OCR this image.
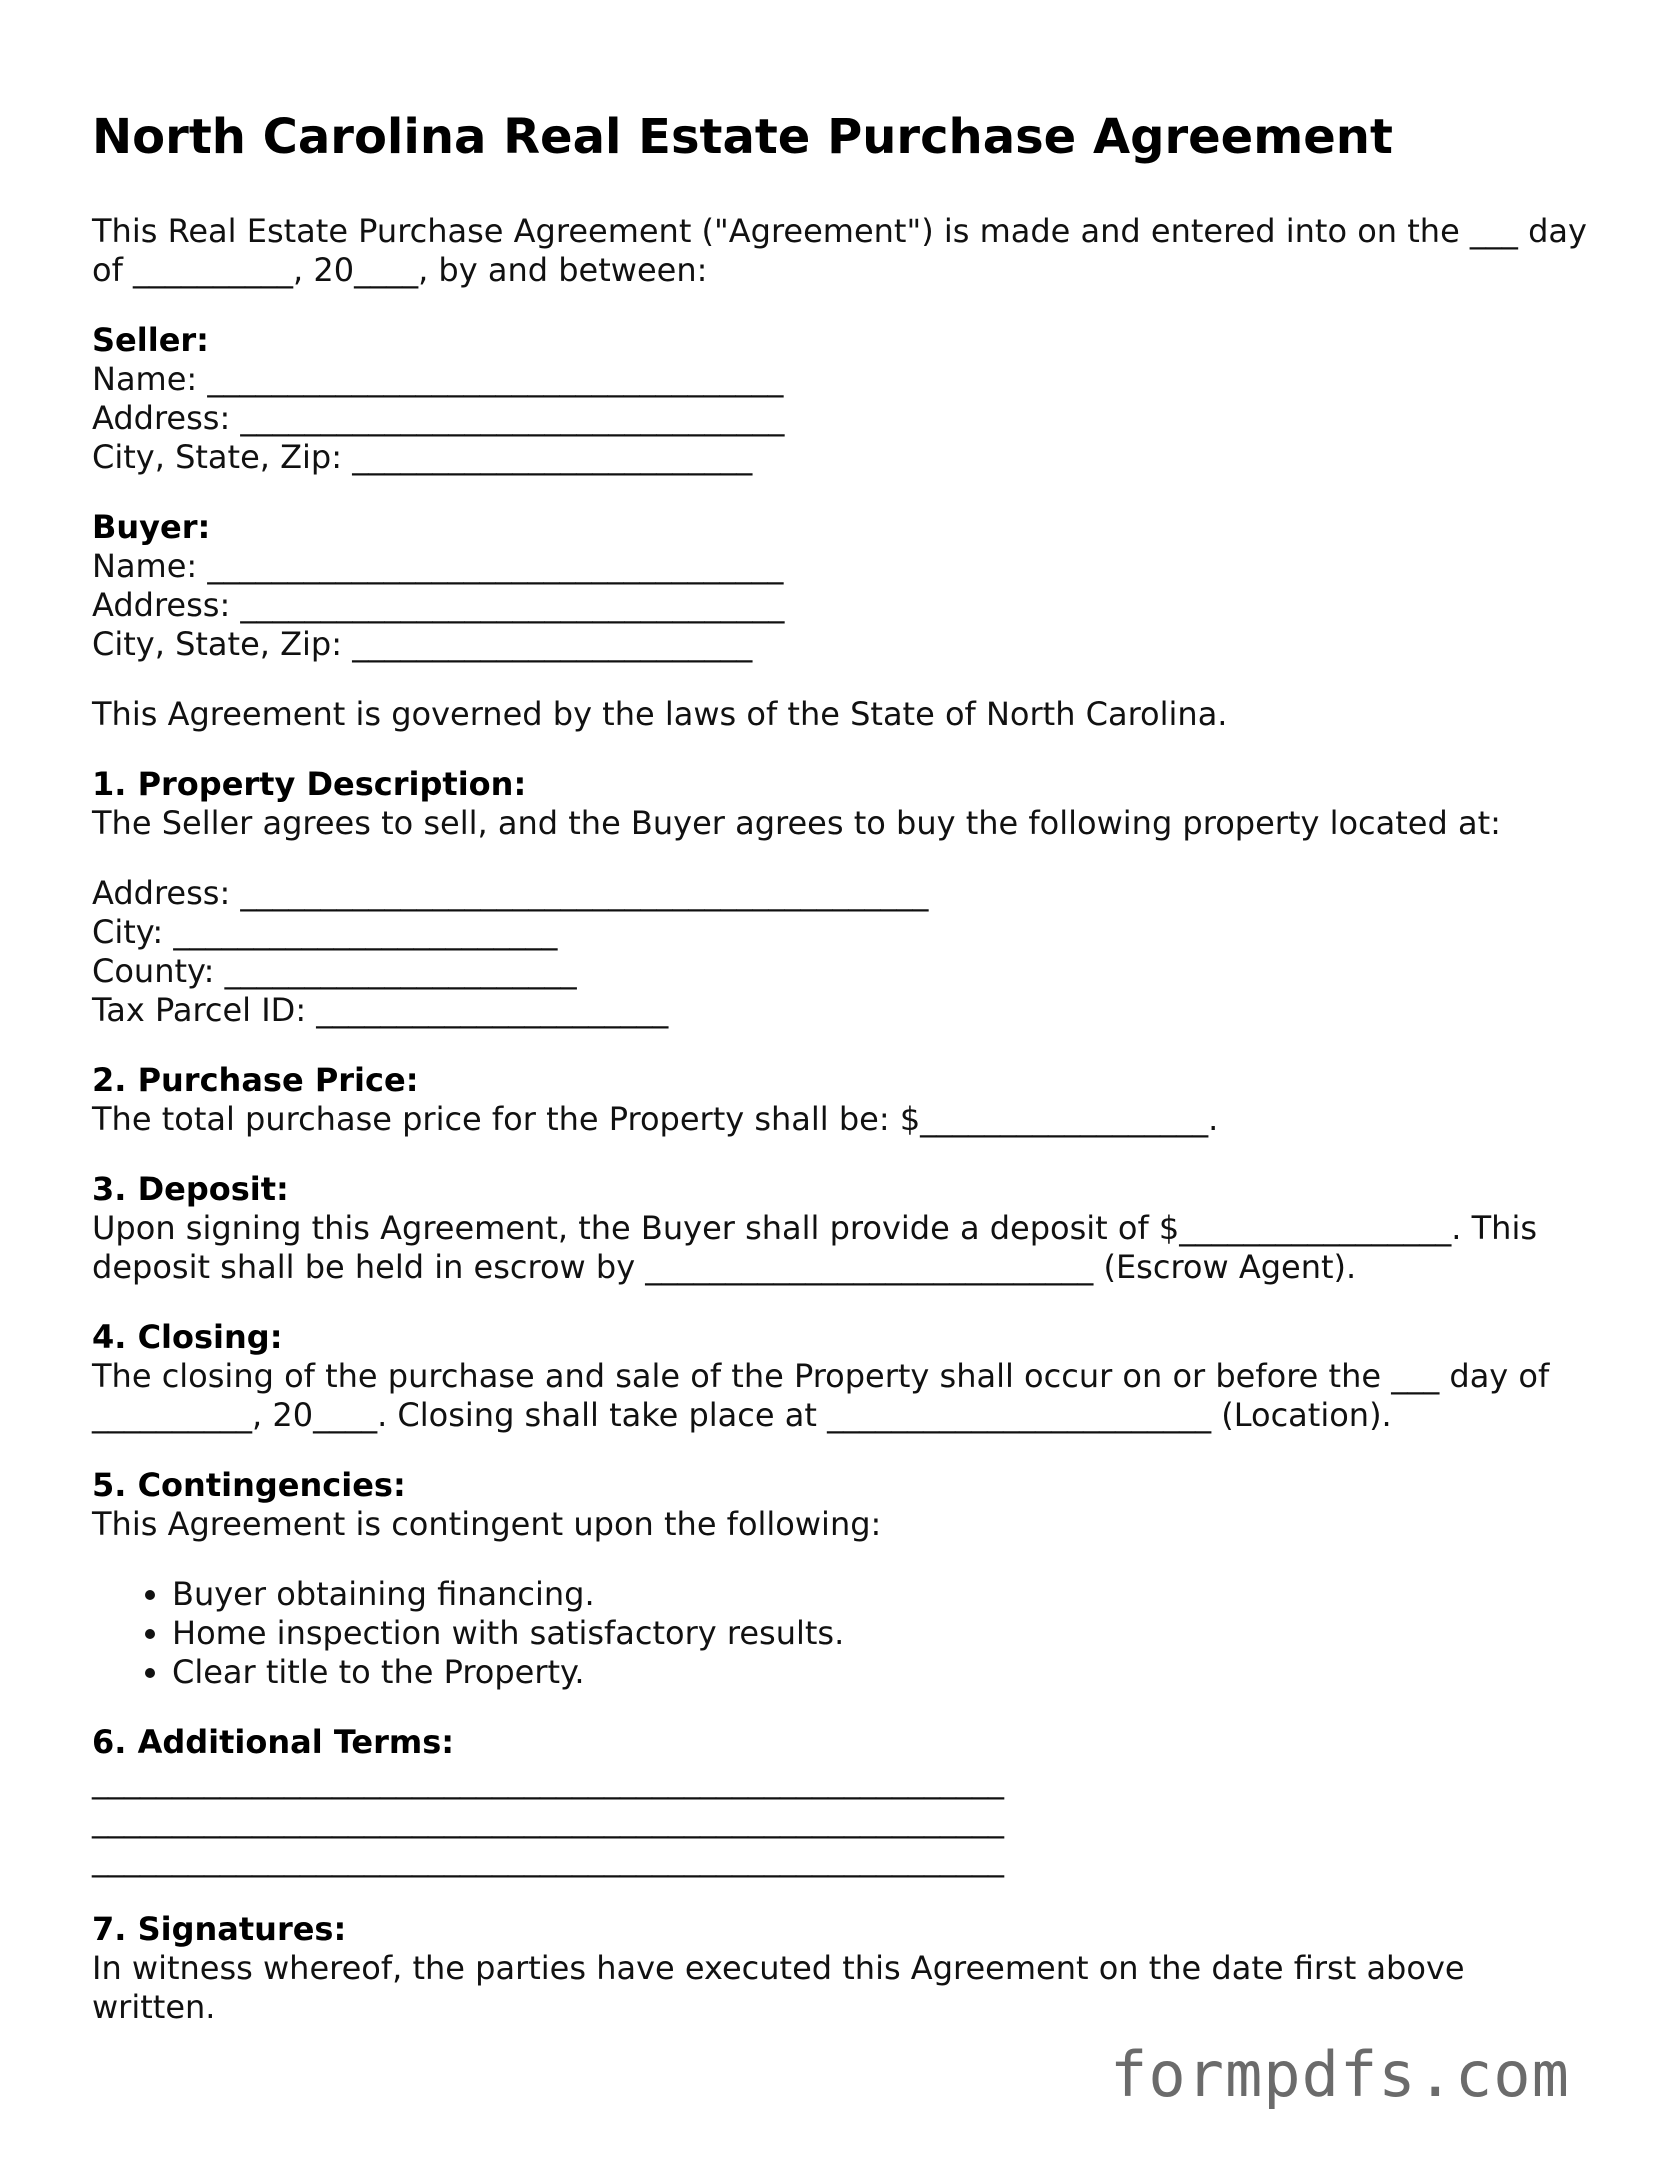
North Carolina Real Estate Purchase Agreement

This Real Estate Purchase Agreement ("Agreement") is made and entered into on the ___ day of __________, 20____, by and between:

Seller:
Name: ____________________________________
Address: __________________________________
City, State, Zip: _________________________
Buyer:
Name: ____________________________________
Address: __________________________________
City, State, Zip: _________________________

This Agreement is governed by the laws of the State of North Carolina.

1. Property Description:

The Seller agrees to sell, and the Buyer agrees to buy the following property located at:

Address: ___________________________________________
City: ________________________
County: ______________________
Tax Parcel ID: ______________________
2. Purchase Price:

The total purchase price for the Property shall be: $__________________.

3. Deposit:

Upon signing this Agreement, the Buyer shall provide a deposit of $_________________. This deposit shall be held in escrow by ____________________________ (Escrow Agent).

4. Closing:

The closing of the purchase and sale of the Property shall occur on or before the ___ day of __________, 20____. Closing shall take place at ________________________ (Location).

5. Contingencies:

This Agreement is contingent upon the following:

• Buyer obtaining financing.
• Home inspection with satisfactory results.
• Clear title to the Property.
6. Additional Terms:
_________________________________________________________
_________________________________________________________
_________________________________________________________
7. Signatures:

In witness whereof, the parties have executed this Agreement on the date first above written.

formpdfs.com
